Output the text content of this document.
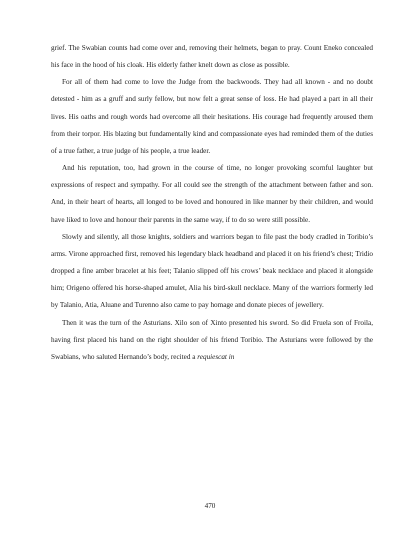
grief. The Swabian counts had come over and, removing their helmets, began to pray. Count Eneko concealed his face in the hood of his cloak. His elderly father knelt down as close as possible.

For all of them had come to love the Judge from the backwoods. They had all known - and no doubt detested - him as a gruff and surly fellow, but now felt a great sense of loss. He had played a part in all their lives. His oaths and rough words had overcome all their hesitations. His courage had frequently aroused them from their torpor. His blazing but fundamentally kind and compassionate eyes had reminded them of the duties of a true father, a true judge of his people, a true leader.

And his reputation, too, had grown in the course of time, no longer provoking scornful laughter but expressions of respect and sympathy. For all could see the strength of the attachment between father and son. And, in their heart of hearts, all longed to be loved and honoured in like manner by their children, and would have liked to love and honour their parents in the same way, if to do so were still possible.

Slowly and silently, all those knights, soldiers and warriors began to file past the body cradled in Toribio’s arms. Virone approached first, removed his legendary black headband and placed it on his friend’s chest; Tridio dropped a fine amber bracelet at his feet; Talanio slipped off his crows’ beak necklace and placed it alongside him; Origeno offered his horse-shaped amulet, Alia his bird-skull necklace. Many of the warriors formerly led by Talanio, Atia, Aluane and Turenno also came to pay homage and donate pieces of jewellery.

Then it was the turn of the Asturians. Xilo son of Xinto presented his sword. So did Fruela son of Froila, having first placed his hand on the right shoulder of his friend Toribio. The Asturians were followed by the Swabians, who saluted Hernando’s body, recited a requiescat in

470
